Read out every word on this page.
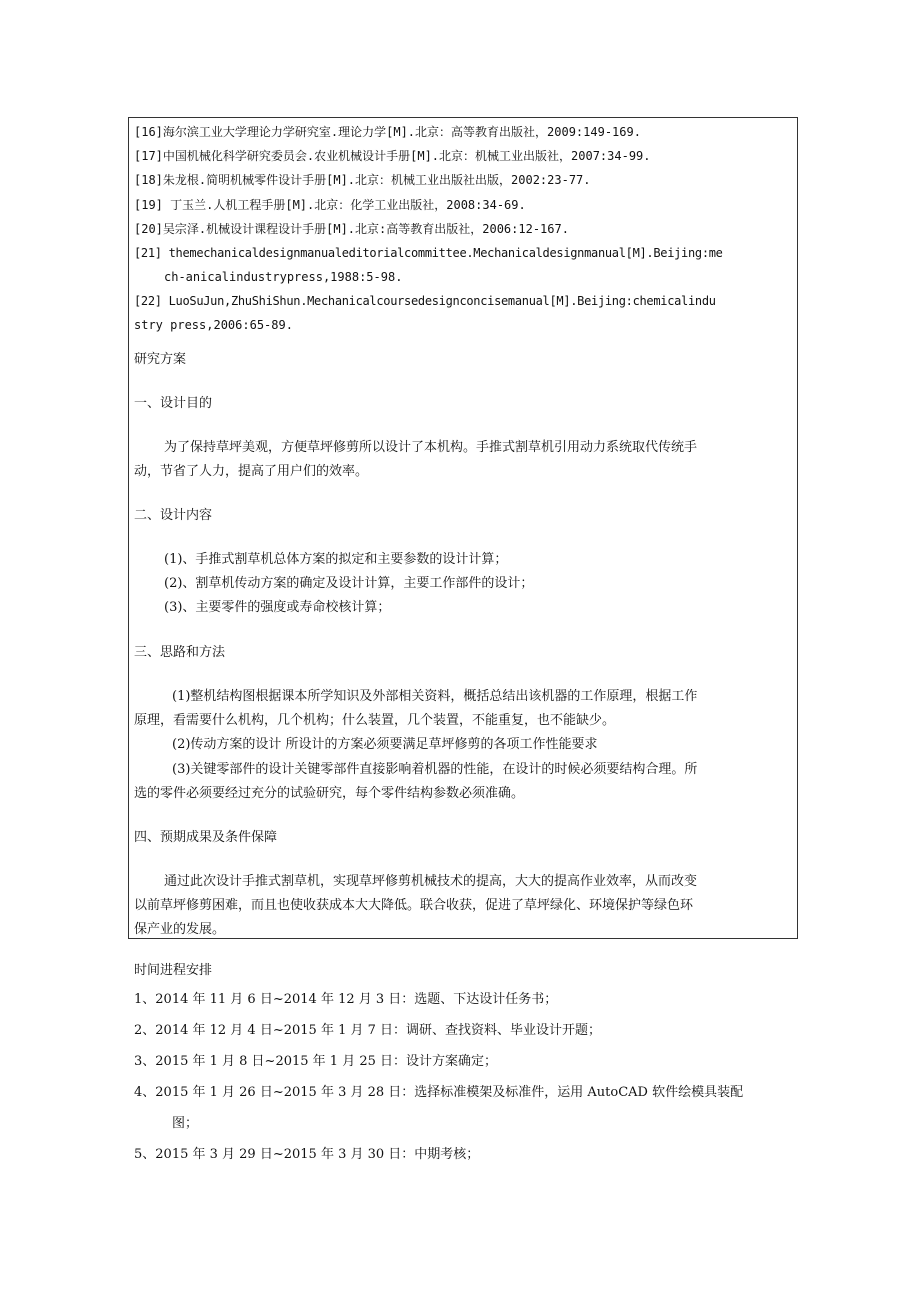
[16]海尔滨工业大学理论力学研究室.理论力学[M].北京：高等教育出版社，2009:149-169.
[17]中国机械化科学研究委员会.农业机械设计手册[M].北京：机械工业出版社，2007:34-99.
[18]朱龙根.简明机械零件设计手册[M].北京：机械工业出版社出版，2002:23-77.
[19] 丁玉兰.人机工程手册[M].北京：化学工业出版社，2008:34-69.
[20]吴宗泽.机械设计课程设计手册[M].北京:高等教育出版社，2006:12-167.
[21] themechanicaldesignmanualeditorialcommittee.Mechanicaldesignmanual[M].Beijing:me
ch-anicalindustrypress,1988:5-98.
[22] LuoSuJun,ZhuShiShun.Mechanicalcoursedesignconcisemanual[M].Beijing:chemicalindu
stry press,2006:65-89.
研究方案
一、设计目的
为了保持草坪美观，方便草坪修剪所以设计了本机构。手推式割草机引用动力系统取代传统手
动，节省了人力，提高了用户们的效率。
二、设计内容
(1)、手推式割草机总体方案的拟定和主要参数的设计计算；
(2)、割草机传动方案的确定及设计计算，主要工作部件的设计；
(3)、主要零件的强度或寿命校核计算；
三、思路和方法
(1)整机结构图根据课本所学知识及外部相关资料，概括总结出该机器的工作原理，根据工作
原理，看需要什么机构，几个机构；什么装置，几个装置，不能重复，也不能缺少。
(2)传动方案的设计 所设计的方案必须要满足草坪修剪的各项工作性能要求
(3)关键零部件的设计关键零部件直接影响着机器的性能，在设计的时候必须要结构合理。所
选的零件必须要经过充分的试验研究，每个零件结构参数必须准确。
四、预期成果及条件保障
通过此次设计手推式割草机，实现草坪修剪机械技术的提高，大大的提高作业效率，从而改变
以前草坪修剪困难，而且也使收获成本大大降低。联合收获，促进了草坪绿化、环境保护等绿色环
保产业的发展。
时间进程安排
1、2014 年 11 月 6 日~2014 年 12 月 3 日：选题、下达设计任务书；
2、2014 年 12 月 4 日~2015 年 1 月 7 日：调研、查找资料、毕业设计开题；
3、2015 年 1 月 8 日~2015 年 1 月 25 日：设计方案确定；
4、2015 年 1 月 26 日~2015 年 3 月 28 日：选择标准模架及标准件，运用 AutoCAD 软件绘模具装配
图；
5、2015 年 3 月 29 日~2015 年 3 月 30 日：中期考核；
